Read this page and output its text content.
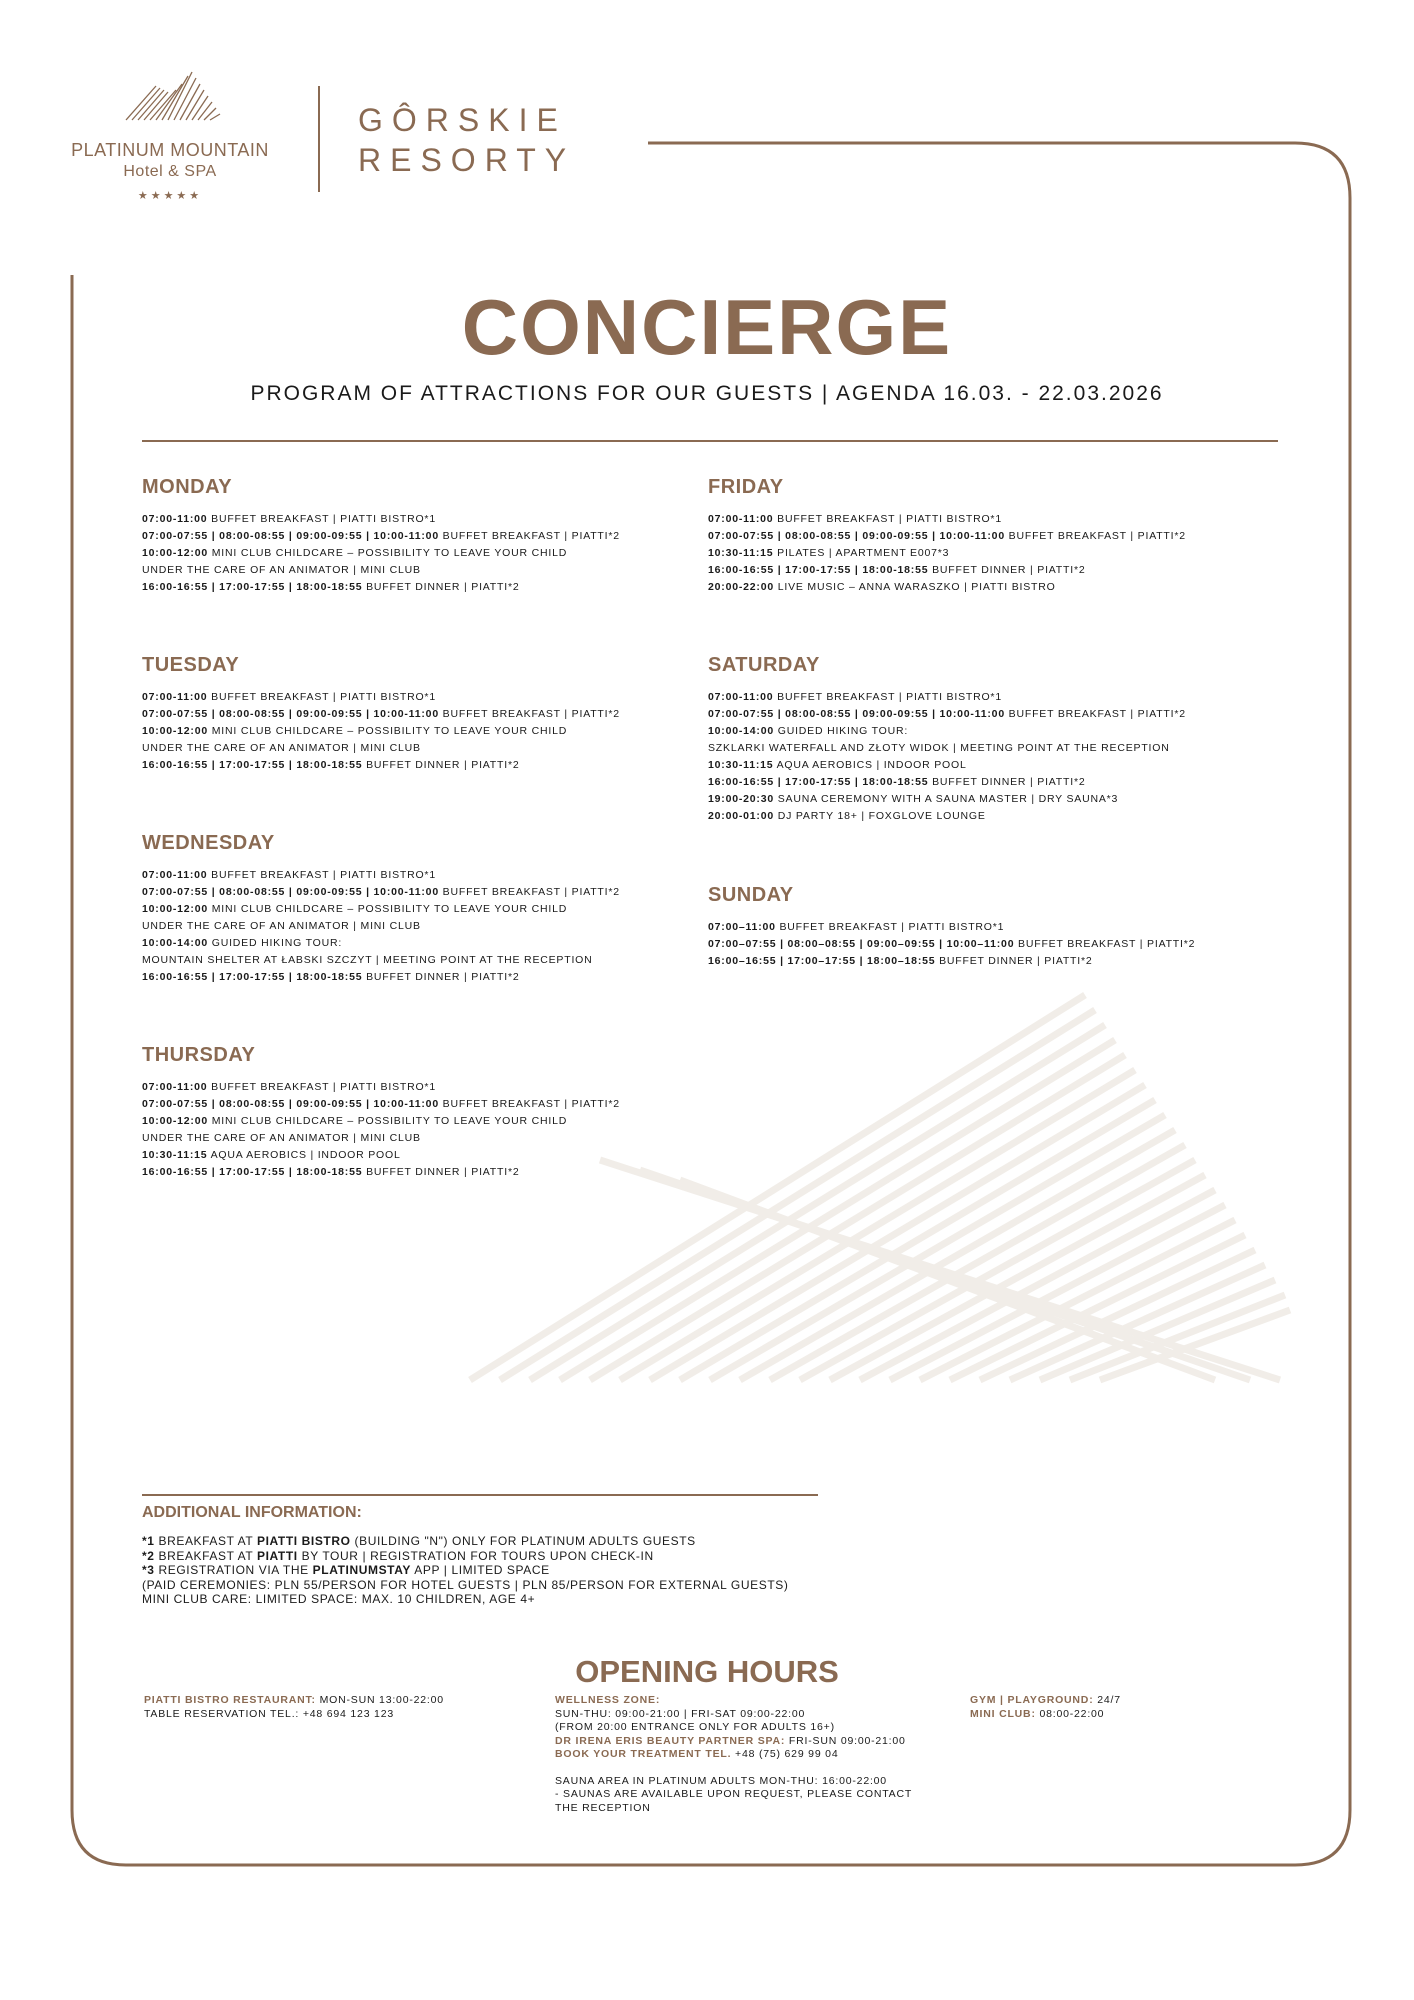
PLATINUM MOUNTAIN
Hotel & SPA
★★★★★
GÔRSKIE
RESORTY
CONCIERGE
PROGRAM OF ATTRACTIONS FOR OUR GUESTS | AGENDA 16.03. - 22.03.2026
MONDAY
07:00-11:00 BUFFET BREAKFAST | PIATTI BISTRO*1
07:00-07:55 | 08:00-08:55 | 09:00-09:55 | 10:00-11:00 BUFFET BREAKFAST | PIATTI*2
10:00-12:00 MINI CLUB CHILDCARE – POSSIBILITY TO LEAVE YOUR CHILD
UNDER THE CARE OF AN ANIMATOR | MINI CLUB
16:00-16:55 | 17:00-17:55 | 18:00-18:55 BUFFET DINNER | PIATTI*2
TUESDAY
07:00-11:00 BUFFET BREAKFAST | PIATTI BISTRO*1
07:00-07:55 | 08:00-08:55 | 09:00-09:55 | 10:00-11:00 BUFFET BREAKFAST | PIATTI*2
10:00-12:00 MINI CLUB CHILDCARE – POSSIBILITY TO LEAVE YOUR CHILD
UNDER THE CARE OF AN ANIMATOR | MINI CLUB
16:00-16:55 | 17:00-17:55 | 18:00-18:55 BUFFET DINNER | PIATTI*2
WEDNESDAY
07:00-11:00 BUFFET BREAKFAST | PIATTI BISTRO*1
07:00-07:55 | 08:00-08:55 | 09:00-09:55 | 10:00-11:00 BUFFET BREAKFAST | PIATTI*2
10:00-12:00 MINI CLUB CHILDCARE – POSSIBILITY TO LEAVE YOUR CHILD
UNDER THE CARE OF AN ANIMATOR | MINI CLUB
10:00-14:00 GUIDED HIKING TOUR:
MOUNTAIN SHELTER AT ŁABSKI SZCZYT | MEETING POINT AT THE RECEPTION
16:00-16:55 | 17:00-17:55 | 18:00-18:55 BUFFET DINNER | PIATTI*2
THURSDAY
07:00-11:00 BUFFET BREAKFAST | PIATTI BISTRO*1
07:00-07:55 | 08:00-08:55 | 09:00-09:55 | 10:00-11:00 BUFFET BREAKFAST | PIATTI*2
10:00-12:00 MINI CLUB CHILDCARE – POSSIBILITY TO LEAVE YOUR CHILD
UNDER THE CARE OF AN ANIMATOR | MINI CLUB
10:30-11:15 AQUA AEROBICS | INDOOR POOL
16:00-16:55 | 17:00-17:55 | 18:00-18:55 BUFFET DINNER | PIATTI*2
FRIDAY
07:00-11:00 BUFFET BREAKFAST | PIATTI BISTRO*1
07:00-07:55 | 08:00-08:55 | 09:00-09:55 | 10:00-11:00 BUFFET BREAKFAST | PIATTI*2
10:30-11:15 PILATES | APARTMENT E007*3
16:00-16:55 | 17:00-17:55 | 18:00-18:55 BUFFET DINNER | PIATTI*2
20:00-22:00 LIVE MUSIC – ANNA WARASZKO | PIATTI BISTRO
SATURDAY
07:00-11:00 BUFFET BREAKFAST | PIATTI BISTRO*1
07:00-07:55 | 08:00-08:55 | 09:00-09:55 | 10:00-11:00 BUFFET BREAKFAST | PIATTI*2
10:00-14:00 GUIDED HIKING TOUR:
SZKLARKI WATERFALL AND ZŁOTY WIDOK | MEETING POINT AT THE RECEPTION
10:30-11:15 AQUA AEROBICS | INDOOR POOL
16:00-16:55 | 17:00-17:55 | 18:00-18:55 BUFFET DINNER | PIATTI*2
19:00-20:30 SAUNA CEREMONY WITH A SAUNA MASTER | DRY SAUNA*3
20:00-01:00 DJ PARTY 18+ | FOXGLOVE LOUNGE
SUNDAY
07:00–11:00 BUFFET BREAKFAST | PIATTI BISTRO*1
07:00–07:55 | 08:00–08:55 | 09:00–09:55 | 10:00–11:00 BUFFET BREAKFAST | PIATTI*2
16:00–16:55 | 17:00–17:55 | 18:00–18:55 BUFFET DINNER | PIATTI*2
ADDITIONAL INFORMATION:
*1 BREAKFAST AT PIATTI BISTRO (BUILDING "N") ONLY FOR PLATINUM ADULTS GUESTS
*2 BREAKFAST AT PIATTI BY TOUR | REGISTRATION FOR TOURS UPON CHECK-IN
*3 REGISTRATION VIA THE PLATINUMSTAY APP | LIMITED SPACE
(PAID CEREMONIES: PLN 55/PERSON FOR HOTEL GUESTS | PLN 85/PERSON FOR EXTERNAL GUESTS)
MINI CLUB CARE: LIMITED SPACE: MAX. 10 CHILDREN, AGE 4+
OPENING HOURS
PIATTI BISTRO RESTAURANT: MON-SUN 13:00-22:00
TABLE RESERVATION TEL.: +48 694 123 123
WELLNESS ZONE:
SUN-THU: 09:00-21:00 | FRI-SAT 09:00-22:00
(FROM 20:00 ENTRANCE ONLY FOR ADULTS 16+)
DR IRENA ERIS BEAUTY PARTNER SPA: FRI-SUN 09:00-21:00
BOOK YOUR TREATMENT TEL. +48 (75) 629 99 04
SAUNA AREA IN PLATINUM ADULTS MON-THU: 16:00-22:00
- SAUNAS ARE AVAILABLE UPON REQUEST, PLEASE CONTACT
THE RECEPTION
GYM | PLAYGROUND: 24/7
MINI CLUB: 08:00-22:00
